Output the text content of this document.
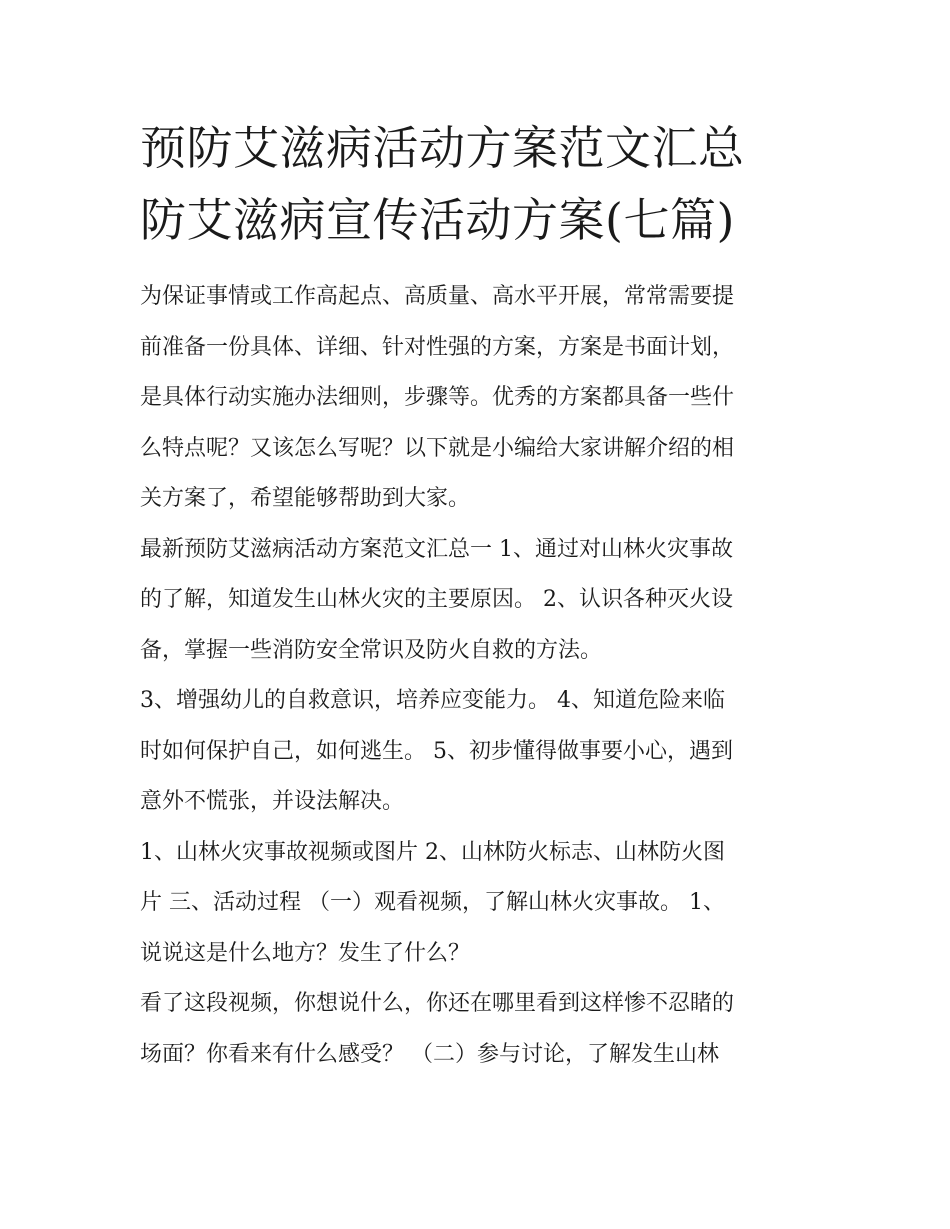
预防艾滋病活动方案范文汇总
防艾滋病宣传活动方案(七篇)

为保证事情或工作高起点、高质量、高水平开展，常常需要提
前准备一份具体、详细、针对性强的方案，方案是书面计划，
是具体行动实施办法细则，步骤等。优秀的方案都具备一些什
么特点呢？又该怎么写呢？以下就是小编给大家讲解介绍的相
关方案了，希望能够帮助到大家。

最新预防艾滋病活动方案范文汇总一 1、通过对山林火灾事故
的了解，知道发生山林火灾的主要原因。 2、认识各种灭火设
备，掌握一些消防安全常识及防火自救的方法。

3、增强幼儿的自救意识，培养应变能力。 4、知道危险来临
时如何保护自己，如何逃生。 5、初步懂得做事要小心，遇到
意外不慌张，并设法解决。

1、山林火灾事故视频或图片 2、山林防火标志、山林防火图
片 三、活动过程 （一）观看视频，了解山林火灾事故。 1、
说说这是什么地方？发生了什么？

看了这段视频，你想说什么，你还在哪里看到这样惨不忍睹的
场面？你看来有什么感受？ （二）参与讨论，了解发生山林
